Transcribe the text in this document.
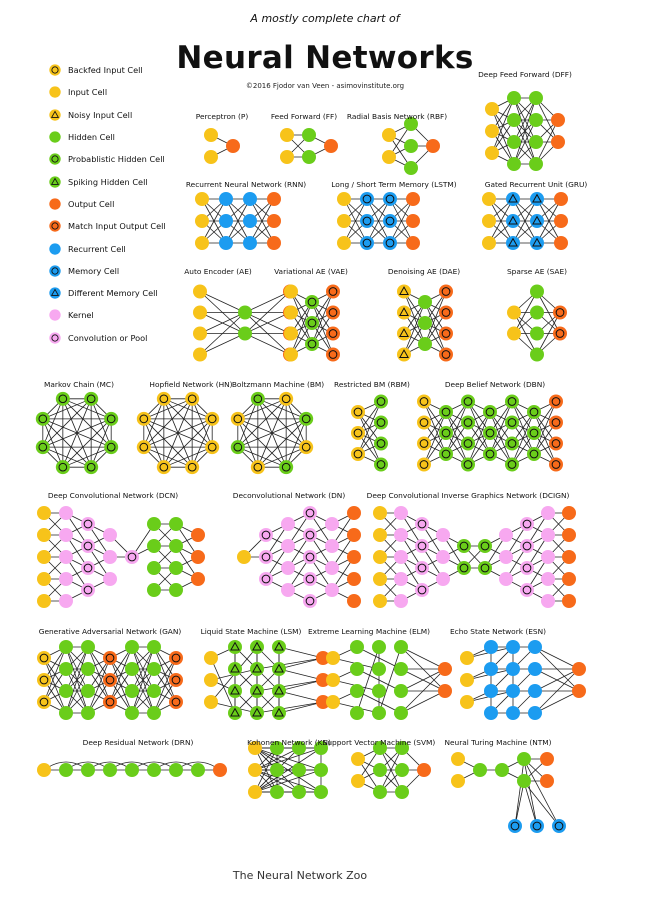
A mostly complete chart of
Neural Networks
©2016 Fjodor van Veen - asimovinstitute.org
Backfed Input Cell
Input Cell
Noisy Input Cell
Hidden Cell
Probablistic Hidden Cell
Spiking Hidden Cell
Output Cell
Match Input Output Cell
Recurrent Cell
Memory Cell
Different Memory Cell
Kernel
Convolution or Pool
Deep Feed Forward (DFF)
Perceptron (P)	Feed Forward (FF) Radial Basis Network (RBF)
Recurrent Neural Network (RNN)	Long / Short Term Memory (LSTM)	Gated Recurrent Unit (GRU)
Auto Encoder (AE)	Variational AE (VAE)	Denoising AE (DAE)	Sparse AE (SAE)
Markov Chain (MC)	Hopfield Network (HN) Boltzmann Machine (BM) Restricted BM (RBM)	Deep Belief Network (DBN)
Deep Convolutional Network (DCN)	Deconvolutional Network (DN)	Deep Convolutional Inverse Graphics Network (DCIGN)
Generative Adversarial Network (GAN)	Liquid State Machine (LSM) Extreme Learning Machine (ELM)	Echo State Network (ESN)
Deep Residual Network (DRN)	Kohonen Network (KN)
Support Vector Machine (SVM) Neural Turing Machine (NTM)
The Neural Network Zoo
